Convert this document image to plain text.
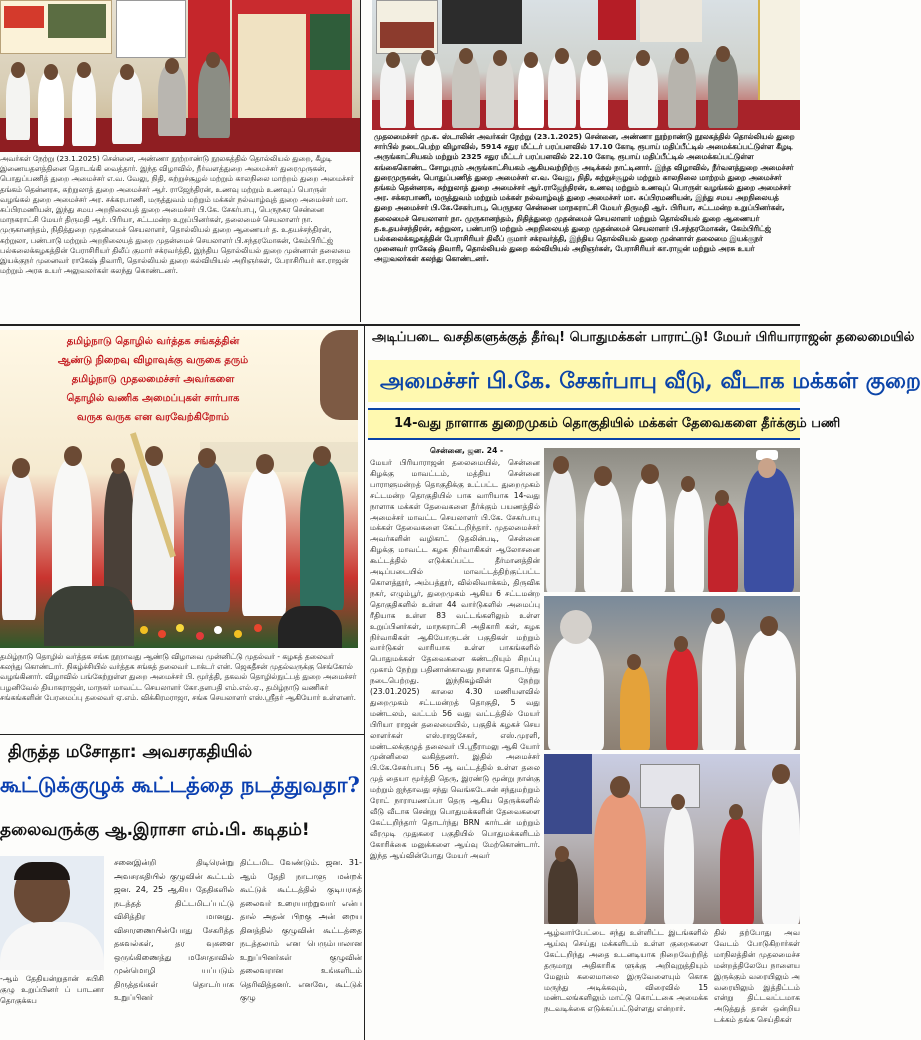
அவர்கள் நேற்று (23.1.2025) சென்னை, அண்ணா நூற்றாண்டு நூலகத்தில் தொல்லியல் துறை, கீழடி இணையதளத்தினை தொடங்கி வைத்தார். இந்த விழாவில், நீர்வளத்துறை அமைச்சர் துரைமுருகன், பொதுப்பணித் துறை அமைச்சர் எ.வ. வேலு, நிதி, சுற்றுச்சூழல் மற்றும் காலநிலை மாற்றம் துறை அமைச்சர் தங்கம் தென்னரசு, சுற்றுலாத் துறை அமைச்சர் ஆர். ராஜேந்திரன், உணவு மற்றும் உணவுப் பொருள் வழங்கல் துறை அமைச்சர் அர. சக்கரபாணி, மருத்துவம் மற்றும் மக்கள் நல்வாழ்வுத் துறை அமைச்சர் மா. சுப்பிரமணியன், இந்து சமய அறநிலையத் துறை அமைச்சர் பி.கே. சேகர்பாபு, பெருநகர சென்னை மாநகராட்சி மேயர் திருமதி ஆர். பிரியா, சட்டமன்ற உறுப்பினர்கள், தலைமைச் செயலாளர் நா. முருகானந்தம், நிதித்துறை முதன்மைச் செயலாளர், தொல்லியல் துறை ஆணையர் த. உதயச்சந்திரன், சுற்றுலா, பண்பாடு மற்றும் அறநிலையத் துறை முதன்மைச் செயலாளர் பி.சந்தரமோகன், கேம்பிரிட்ஜ் பல்கலைக்கழகத்தின் பேராசிரியர் திலீப் குமார் சக்ரவர்த்தி, இந்திய தொல்லியல் துறை முன்னாள் தலைமை இயக்குநர் முனைவர் ராகேஷ் திவாரி, தொல்லியல் துறை கல்வியியல் அறிஞர்கள், பேராசிரியர் கா.ராஜன் மற்றும் அரசு உயர் அலுவலர்கள் கலந்து கொண்டனர்.
முதலமைச்சர் மு.க. ஸ்டாலின் அவர்கள் நேற்று (23.1.2025) சென்னை, அண்ணா நூற்றாண்டு நூலகத்தில் தொல்லியல் துறை சார்பில் நடைபெற்ற விழாவில், 5914 சதுர மீட்டர் பரப்பளவில் 17.10 கோடி ரூபாய் மதிப்பீட்டில் அமைக்கப்பட்டுள்ள கீழடி அருங்காட்சியகம் மற்றும் 2325 சதுர மீட்டர் பரப்பளவில் 22.10 கோடி ரூபாய் மதிப்பீட்டில் அமைக்கப்பட்டுள்ள கங்கைகொண்ட சோழபுரம் அருங்காட்சியகம் ஆகியவற்றிற்கு அடிக்கல் நாட்டினார். இந்த விழாவில், நீர்வளத்துறை அமைச்சர் துரைமுருகன், பொதுப்பணித் துறை அமைச்சர் எ.வ. வேலு, நிதி, சுற்றுச்சூழல் மற்றும் காலநிலை மாற்றம் துறை அமைச்சர் தங்கம் தென்னரசு, சுற்றுலாத் துறை அமைச்சர் ஆர்.ராஜேந்திரன், உணவு மற்றும் உணவுப் பொருள் வழங்கல் துறை அமைச்சர் அர. சக்கரபாணி, மருத்துவம் மற்றும் மக்கள் நல்வாழ்வுத் துறை அமைச்சர் மா. சுப்பிரமணியன், இந்து சமய அறநிலையத் துறை அமைச்சர் பி.கே.சேகர்பாபு, பெருநகர சென்னை மாநகராட்சி மேயர் திருமதி ஆர். பிரியா, சட்டமன்ற உறுப்பினர்கள், தலைமைச் செயலாளர் நா. முருகானந்தம், நிதித்துறை முதன்மைச் செயலாளர் மற்றும் தொல்லியல் துறை ஆணையர் த.உதயச்சந்திரன், சுற்றுலா, பண்பாடு மற்றும் அறநிலையத் துறை முதன்மைச் செயலாளர் பி.சந்தரமோகன், கேம்பிரிட்ஜ் பல்கலைக்கழகத்தின் பேராசிரியர் திலீப் குமார் சக்ரவர்த்தி, இந்திய தொல்லியல் துறை முன்னாள் தலைமை இயக்குநர் முனைவர் ராகேஷ் திவாரி, தொல்லியல் துறை கல்வியியல் அறிஞர்கள், பேராசிரியர் கா.ராஜன் மற்றும் அரசு உயர் அலுவலர்கள் கலந்து கொண்டனர்.
தமிழ்நாடு தொழில் வர்த்தக சங்கத்தின்
ஆண்டு நிறைவு விழாவுக்கு வருகை தரும்
தமிழ்நாடு முதலமைச்சர் அவர்களை
தொழில் வணிக அமைப்புகள் சார்பாக
வருக வருக என வரவேற்கிறோம்
தமிழ்நாடு தொழில் வர்த்தக சங்க நூறாவது ஆண்டு விழாவை முன்னிட்டு முதல்வர் - கழகத் தலைவர் கலந்து கொண்டார். நிகழ்ச்சியில் வர்த்தக சங்கத் தலைவர் டாக்டர் என். ஜெகதீசன் முதல்வருக்கு செங்கோல் வழங்கினார். விழாவில் பங்கேற்றுள்ள துறை அமைச்சர் பி. மூர்த்தி, தகவல் தொழில்நுட்பத் துறை அமைச்சர் பழனிவேல் தியாகராஜன், மாநகர் மாவட்ட செயலாளர் கோ.தளபதி எம்.எல்.ஏ., தமிழ்நாடு வணிகர் சங்கங்களின் பேரமைப்பு தலைவர் ஏ.எம். விக்கிரமராஜா, சங்க செயலாளர் எஸ்.ஸ்ரீதர் ஆகியோர் உள்ளனர்.
திருத்த மசோதா: அவசரகதியில்
கூட்டுக்குழுக் கூட்டத்தை நடத்துவதா?
தலைவருக்கு ஆ.இராசா எம்.பி. கடிதம்!
-ஆம் தேதியன்றுதான் சுபிசி குழு உறுப்பினர் ப் பாடனா தொகுக்கப
சனைஇன்றி திடிரென்று அவசரகதியில் குழுவின் கூட்டம் ஜன. 24, 25 ஆகிய தேதிகளில் நடத்தத் திட்டமிடப்பட்டு விசித்திர மானது. விசாரணையின்போது சேகரித்த தகவல்கள், தர வுகளை ஒருங்கிணைத்து மசோதாவில் முன்மொழி யப்படும் திருத்தங்கள் தொடர்பாக உறுப்பினர்
திட்டமிட வேண்டும். ஜன. 31-ஆம் தேதி நாடாளு மன்றக் கூட்டுக் கூட்டத்தில் குடியரசுத் தலைவர் உரையாற்றுவார் என்ப தால் அதன் பிறகு அன் றைய தினத்தில் குழுவின் கூட்டத்தை நடத்தலாம் என பெரும்பாலான உறுப்பினர்கள் குழுவின் தலைவரான உங்களிடம் தெரிவித்தனர். எனவே, கூட்டுக் குழு
அடிப்படை வசதிகளுக்குத் தீர்வு! பொதுமக்கள் பாராட்டு! மேயர் பிரியாராஜன் தலைமையில்
அமைச்சர் பி.கே. சேகர்பாபு வீடு, வீடாக மக்கள் குறை
14-வது நாளாக துறைமுகம் தொகுதியில் மக்கள் தேவைகளை தீர்க்கும் பணி
சென்னை, ஜன. 24 -
மேயர் பிரியாராஜன் தலைமையில், சென்னை கிழக்கு மாவட்டம், மத்திய சென்னை பாராளுமன்றத் தொகுதிக்கு உட்பட்ட துறைமுகம் சட்டமன்ற தொகுதியில் பாக வாரியாக 14-வது நாளாக மக்கள் தேவைகளை தீர்க்கும் பயணத்தில் அமைச்சர் மாவட்ட செயலாளர் பி.கே. சேகர்பாபு மக்கள் தேவைகளை கேட்டறிந்தார். முதலமைச்சர் அவர்களின் வழிகாட் டுதலின்படி, சென்னை கிழக்கு மாவட்ட கழக நிர்வாகிகள் ஆலோசனை கூட்டத்தில் எடுக்கப்பட்ட தீர்மானத்தின் அடிப்படையில் மாவட்டத்திற்குட்பட்ட கொளத்தூர், அம்பத்தூர், வில்லிவாக்கம், திருவிக நகர், எழும்பூர், துறைமுகம் ஆகிய 6 சட்டமன்ற தொகுதிகளில் உள்ள 44 வார்டுகளில் அமைப்பு ரீதியாக உள்ள 83 வட்டங்களிலும் உள்ள உறுப்பினர்கள், மாநகராட்சி அதிகாரி கள், கழக நிர்வாகிகள் ஆகியோருடன் பகுதிகள் மற்றும் வார்டுகள் வாரியாக உள்ள பாகங்களில் பொதுமக்கள் தேவைகளை கண்டறியும் சிறப்பு முகாம் நேற்று பதினான்காவது நாளாக தொடர்ந்து நடைபெற்றது. இந்நிகழ்வின் நேற்று (23.01.2025) காலை 4.30 மணியளவில் துறைமுகம் சட்டமன்றத் தொகுதி, 5 வது மண்டலம், வட்டம் 56 வது வட்டத்தில் மேயர் பிரியா ராஜன் தலைமையில், பகுதிக் கழகச் செய லாளர்கள் எஸ்.ராஜசேகர், எஸ்.முரளி, மண்டலக்குழுத் தலைவர் பி.ஸ்ரீராமலு ஆகி யோர் முன்னிலை வகித்தனர். இதில் அமைச்சர் பி.கே.சேகர்பாபு 56 ஆ வட்டத்தில் உள்ள தலை முத் தையா மூர்த்தி தெரு, இரண்டு மூன்று நான்கு மற்றும் ஐந்தாவது சந்து வெங்கடேசன் சந்துமற்றும் ரோட் நாராயணப்பா தெரு ஆகிய தெருக்களில் வீடு வீடாக சென்று பொதுமக்களின் தேவைகளை கேட்டறிந்தார் தொடர்ந்து BRN கார்டன் மற்றும் வீரமுடி முதுகரை பகுதியில் பொதுமக்களிடம் கோரிக்கை மனுக்களை ஆய்வு மேற்கொண்டார். இந்த ஆய்வின்போது மேயர் அவர்
ஆழ்வார்பேட்டை சந்து உள்ளிட்ட இடங்களில் ஆய்வு செய்து மக்களிடம் உள்ள குறைகளை கேட்டறிந்து அதை உடனடியாக நிறைவேற்றித் தருமாறு அதிகாரிக ளுக்கு அறிவுறுத்தியும் மேலும் கலைமாலை இருவேளையும் கொசு மருந்து அடிக்கவும், விரைவில் 15 மண்டலங்களிலும் மாட்டு கொட்டகை அமைக்க நடவடிக்கை எடுக்கப்பட்டுள்ளது என்றார்.
தில் தற்போது அவ வேடம் போடுகிறார்கள் மாநிலத்தின் முதலமைச்ச மன்றத்திலேயே நாளைய இருக்கும் வரையிலும் அ வரையிலும் இத்திட்டம் என்று திட்டவட்டமாக அடுத்துத் தான் ஒன்றிய டக்கம் தங்க செய்திகள்
